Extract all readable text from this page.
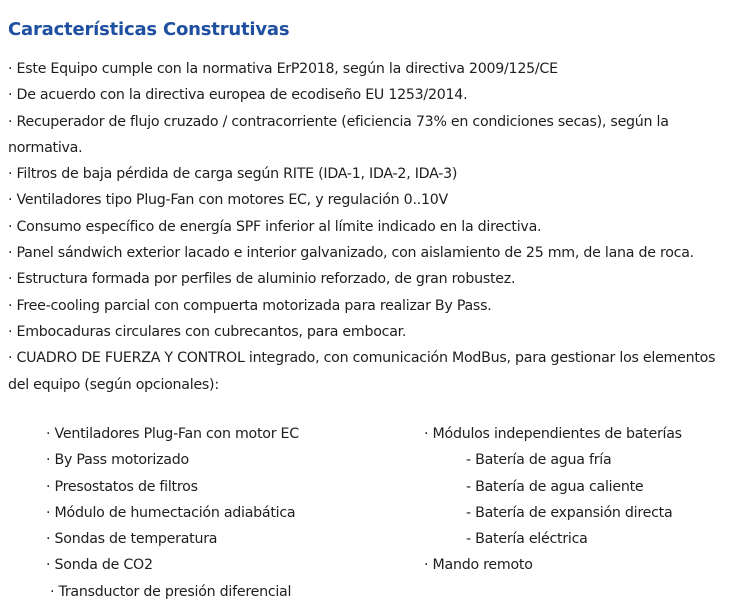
Características Construtivas
· Este Equipo cumple con la normativa ErP2018, según la directiva 2009/125/CE
· De acuerdo con la directiva europea de ecodiseño EU 1253/2014.
· Recuperador de flujo cruzado / contracorriente (eficiencia 73% en condiciones secas), según la normativa.
· Filtros de baja pérdida de carga según RITE (IDA-1, IDA-2, IDA-3)
· Ventiladores tipo Plug-Fan con motores EC, y regulación 0..10V
· Consumo específico de energía SPF inferior al límite indicado en la directiva.
· Panel sándwich exterior lacado e interior galvanizado, con aislamiento de 25 mm, de lana de roca.
· Estructura formada por perfiles de aluminio reforzado, de gran robustez.
· Free-cooling parcial con compuerta motorizada para realizar By Pass.
· Embocaduras circulares con cubrecantos, para embocar.
· CUADRO DE FUERZA Y CONTROL integrado, con comunicación ModBus, para gestionar los elementos del equipo (según opcionales):
· Ventiladores Plug-Fan con motor EC
· By Pass motorizado
· Presostatos de filtros
· Módulo de humectación adiabática
· Sondas de temperatura
· Sonda de CO2
· Transductor de presión diferencial
· Módulos independientes de baterías
- Batería de agua fría
- Batería de agua caliente
- Batería de expansión directa
- Batería eléctrica
· Mando remoto
